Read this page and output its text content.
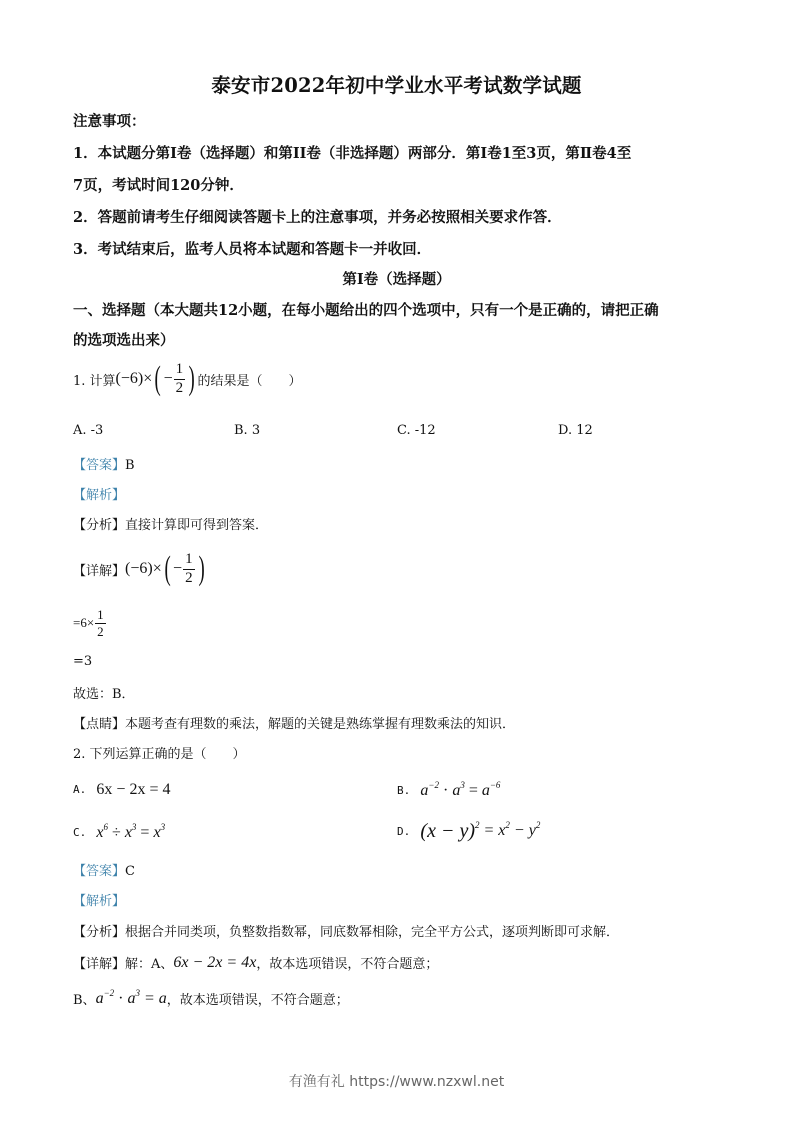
泰安市2022年初中学业水平考试数学试题
注意事项：
1．本试题分第Ⅰ卷（选择题）和第II卷（非选择题）两部分．第Ⅰ卷1至3页，第Ⅱ卷4至
7页，考试时间120分钟．
2．答题前请考生仔细阅读答题卡上的注意事项，并务必按照相关要求作答．
3．考试结束后，监考人员将本试题和答题卡一并收回．
第Ⅰ卷（选择题）
一、选择题（本大题共12小题，在每小题给出的四个选项中，只有一个是正确的，请把正确
的选项选出来）
1. 计算 $(-6)\times( - \frac{1}{2}$ ) 的结果是（　　）
A. -3	B. 3	C. -12	D. 12
【答案】B
【解析】
【分析】直接计算即可得到答案．
【详解】 $(-6)\times( - \frac{1}{2}$ )
$=6\times \frac{1}{2}$
=3
故选：B．
【点睛】本题考查有理数的乘法，解题的关键是熟练掌握有理数乘法的知识．
2. 下列运算正确的是（　　）
A.
6x − 2x = 4	B.
$a^{-2} \cdot a^3 = a^{-6}$
C.
$x^6 \div x^3 = x^3$	D.
$(x - y)^2 = x^2 - y^2$
【答案】C
【解析】
【分析】根据合并同类项，负整数指数幂，同底数幂相除，完全平方公式，逐项判断即可求解．
【详解】 解：A、 6x − 2x = 4x ，故本选项错误，不符合题意；
B、 $a^{-2} \cdot a^3 = a$ ，故本选项错误，不符合题意；
有渔有礼 https://www.nzxwl.net
